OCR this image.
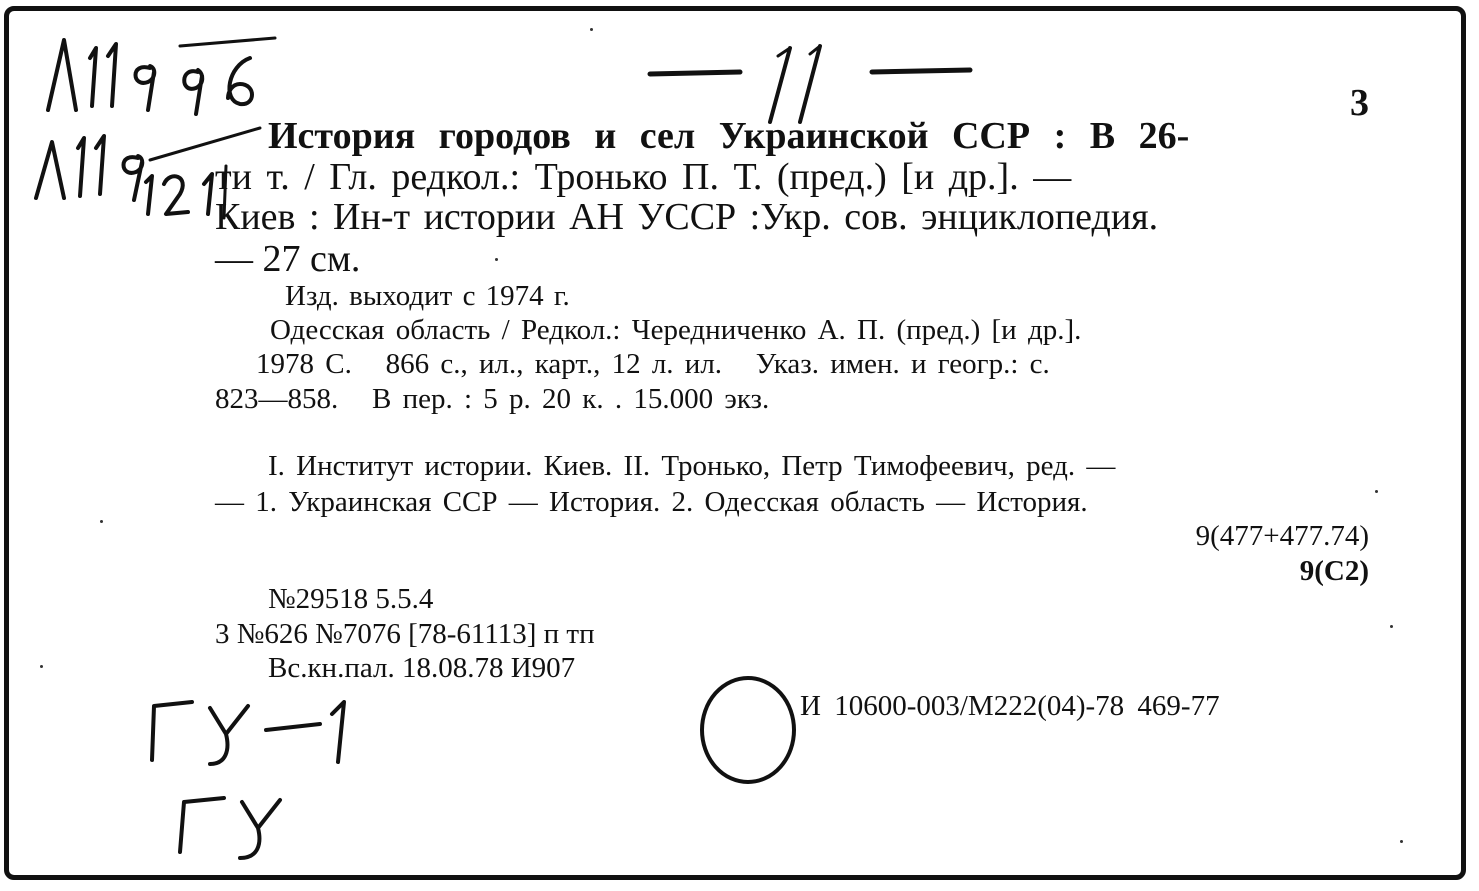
3
История городов и сел Украинской ССР : В 26-
ти т. / Гл. редкол.: Тронько П. Т. (пред.) [и др.]. —
Киев : Ин-т истории АН УССР :Укр. сов. энциклопедия.
— 27 см.
Изд. выходит с 1974 г.
Одесская область / Редкол.: Чередниченко А. П. (пред.) [и др.].
1978 С.   866 с., ил., карт., 12 л. ил.   Указ. имен. и геогр.: с.
823—858.   В пер. : 5 р. 20 к. . 15.000 экз.
I. Институт истории. Киев. II. Тронько, Петр Тимофеевич, ред. —
— 1. Украинская ССР — История. 2. Одесская область — История.
9(477+477.74)
9(С2)
№29518 5.5.4
3 №626 №7076 [78-61113] п тп
Вс.кн.пал. 18.08.78 И907
И 10600-003/М222(04)-78 469-77
